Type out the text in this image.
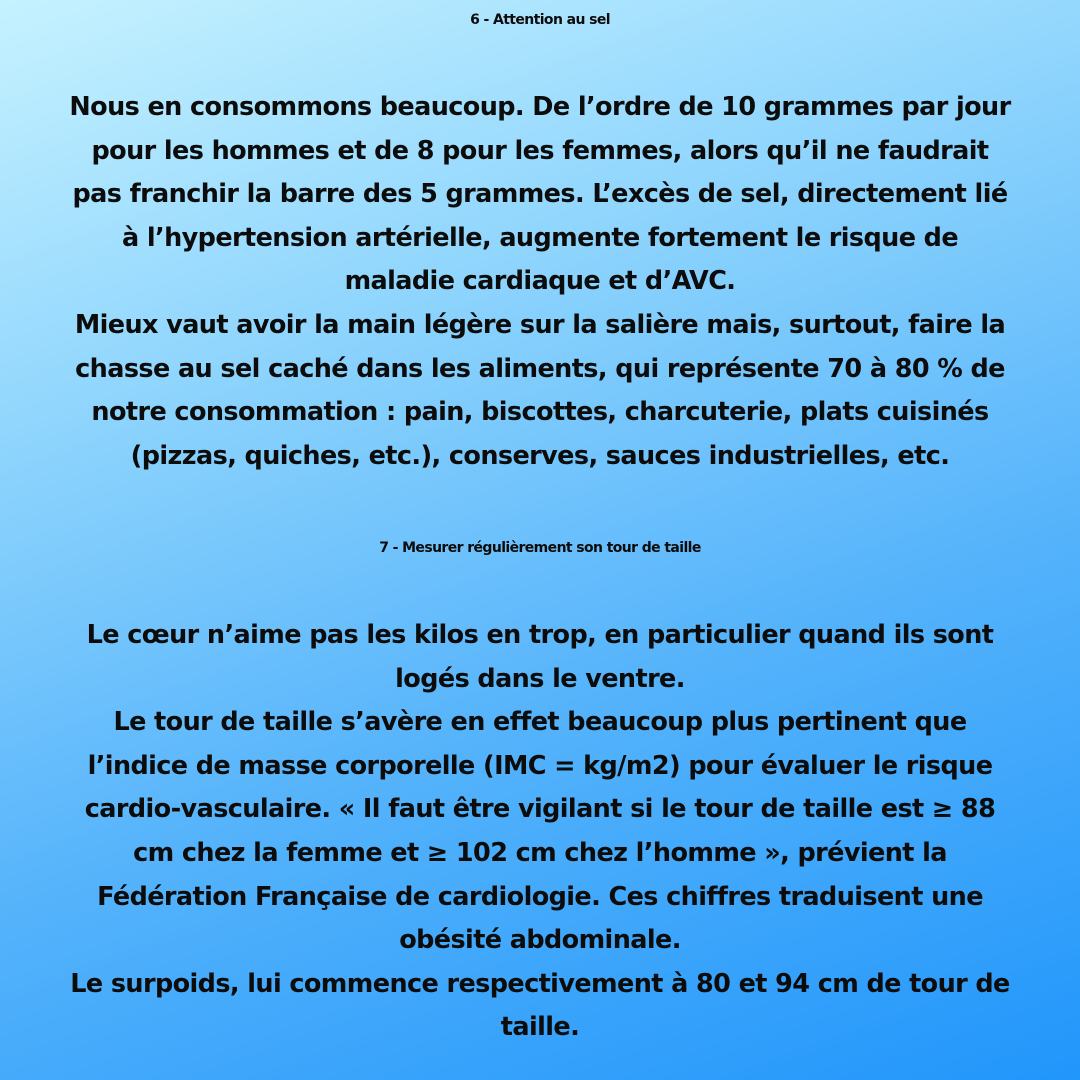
6 - Attention au sel
Nous en consommons beaucoup. De l’ordre de 10 grammes par jour
pour les hommes et de 8 pour les femmes, alors qu’il ne faudrait
pas franchir la barre des 5 grammes. L’excès de sel, directement lié
à l’hypertension artérielle, augmente fortement le risque de
maladie cardiaque et d’AVC.
Mieux vaut avoir la main légère sur la salière mais, surtout, faire la
chasse au sel caché dans les aliments, qui représente 70 à 80 % de
notre consommation : pain, biscottes, charcuterie, plats cuisinés
(pizzas, quiches, etc.), conserves, sauces industrielles, etc.
7 - Mesurer régulièrement son tour de taille
Le cœur n’aime pas les kilos en trop, en particulier quand ils sont
logés dans le ventre.
Le tour de taille s’avère en effet beaucoup plus pertinent que
l’indice de masse corporelle (IMC = kg/m2) pour évaluer le risque
cardio-vasculaire. « Il faut être vigilant si le tour de taille est ≥ 88
cm chez la femme et ≥ 102 cm chez l’homme », prévient la
Fédération Française de cardiologie. Ces chiffres traduisent une
obésité abdominale.
Le surpoids, lui commence respectivement à 80 et 94 cm de tour de
taille.
